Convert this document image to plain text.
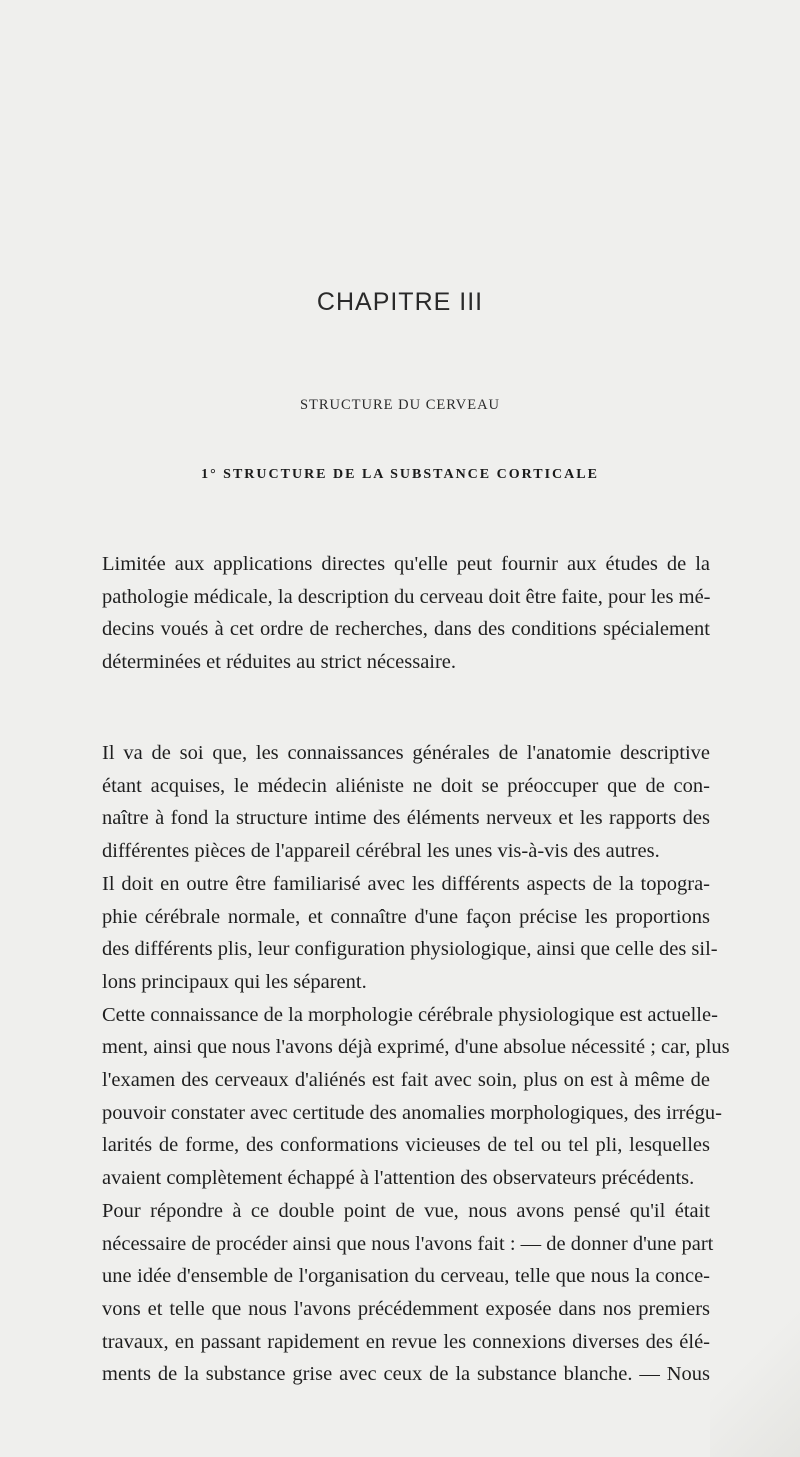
CHAPITRE III
STRUCTURE DU CERVEAU
1° STRUCTURE DE LA SUBSTANCE CORTICALE
Limitée aux applications directes qu'elle peut fournir aux études de la
pathologie médicale, la description du cerveau doit être faite, pour les mé-
decins voués à cet ordre de recherches, dans des conditions spécialement
déterminées et réduites au strict nécessaire.
Il va de soi que, les connaissances générales de l'anatomie descriptive
étant acquises, le médecin aliéniste ne doit se préoccuper que de con-
naître à fond la structure intime des éléments nerveux et les rapports des
différentes pièces de l'appareil cérébral les unes vis-à-vis des autres.
Il doit en outre être familiarisé avec les différents aspects de la topogra-
phie cérébrale normale, et connaître d'une façon précise les proportions
des différents plis, leur configuration physiologique, ainsi que celle des sil-
lons principaux qui les séparent.
Cette connaissance de la morphologie cérébrale physiologique est actuelle-
ment, ainsi que nous l'avons déjà exprimé, d'une absolue nécessité ; car, plus
l'examen des cerveaux d'aliénés est fait avec soin, plus on est à même de
pouvoir constater avec certitude des anomalies morphologiques, des irrégu-
larités de forme, des conformations vicieuses de tel ou tel pli, lesquelles
avaient complètement échappé à l'attention des observateurs précédents.
Pour répondre à ce double point de vue, nous avons pensé qu'il était
nécessaire de procéder ainsi que nous l'avons fait : — de donner d'une part
une idée d'ensemble de l'organisation du cerveau, telle que nous la conce-
vons et telle que nous l'avons précédemment exposée dans nos premiers
travaux, en passant rapidement en revue les connexions diverses des élé-
ments de la substance grise avec ceux de la substance blanche. — Nous
